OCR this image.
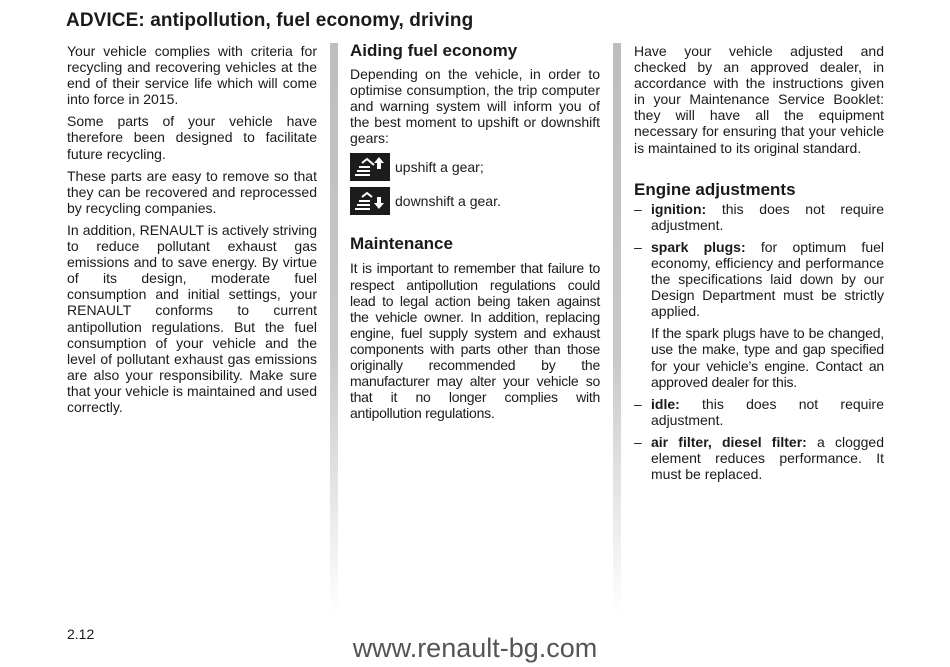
ADVICE: antipollution, fuel economy, driving

Your vehicle complies with criteria for recycling and recovering vehicles at the end of their service life which will come into force in 2015.

Some parts of your vehicle have therefore been designed to facilitate future recycling.

These parts are easy to remove so that they can be recovered and reprocessed by recycling companies.

In addition, RENAULT is actively striving to reduce pollutant exhaust gas emissions and to save energy. By virtue of its design, moderate fuel consumption and initial settings, your RENAULT conforms to current antipollution regulations. But the fuel consumption of your vehicle and the level of pollutant exhaust gas emissions are also your responsibility. Make sure that your vehicle is maintained and used correctly.

Aiding fuel economy

Depending on the vehicle, in order to optimise consumption, the trip computer and warning system will inform you of the best moment to upshift or downshift gears:

upshift a gear;
downshift a gear.
Maintenance

It is important to remember that failure to respect antipollution regulations could lead to legal action being taken against the vehicle owner. In addition, replacing engine, fuel supply system and exhaust components with parts other than those originally recommended by the manufacturer may alter your vehicle so that it no longer complies with antipollution regulations.

Have your vehicle adjusted and checked by an approved dealer, in accordance with the instructions given in your Maintenance Service Booklet: they will have all the equipment necessary for ensuring that your vehicle is maintained to its original standard.

Engine adjustments
– ignition: this does not require adjustment.
– spark plugs: for optimum fuel economy, efficiency and performance the specifications laid down by our Design Department must be strictly applied.

If the spark plugs have to be changed, use the make, type and gap specified for your vehicle’s engine. Contact an approved dealer for this.

– idle: this does not require adjustment.
– air filter, diesel filter: a clogged element reduces performance. It must be replaced.
2.12	www.renault-bg.com
